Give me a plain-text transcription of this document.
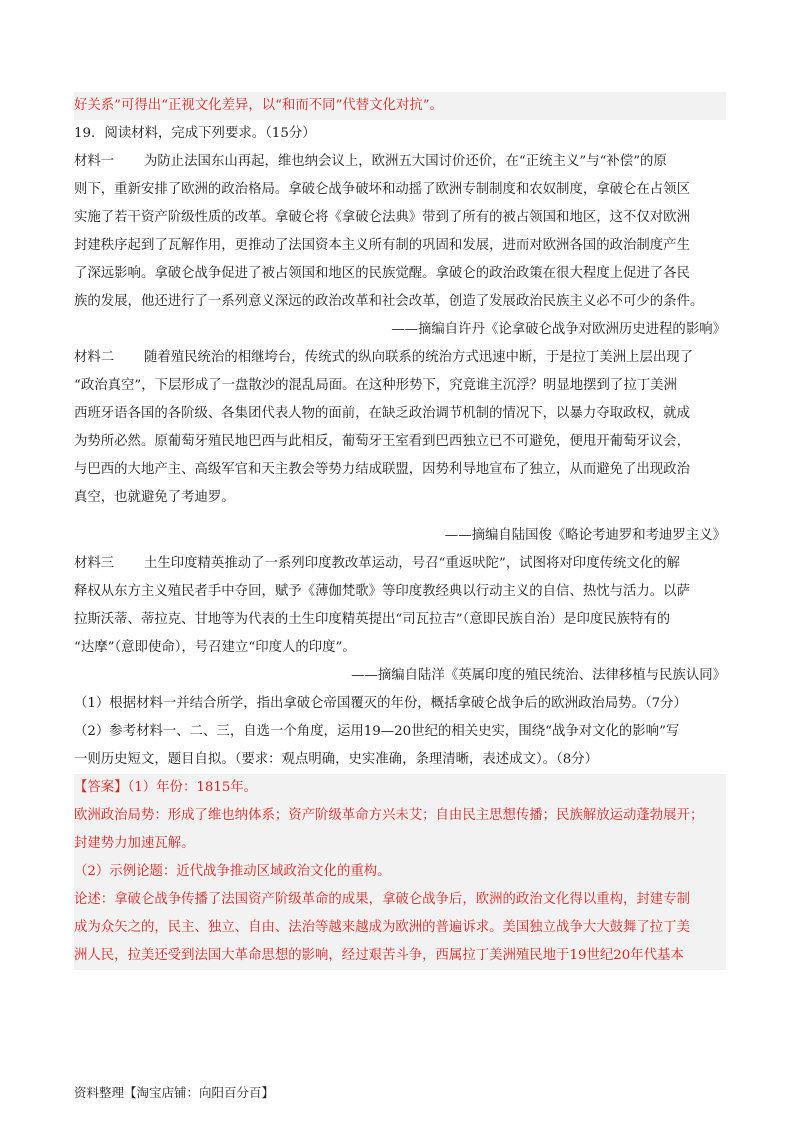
好关系”可得出“正视文化差异，以“和而不同”代替文化对抗”。
19．阅读材料，完成下列要求。（15分）
材料一 为防止法国东山再起，维也纳会议上，欧洲五大国讨价还价，在“正统主义”与“补偿”的原
则下，重新安排了欧洲的政治格局。拿破仑战争破坏和动摇了欧洲专制制度和农奴制度，拿破仑在占领区
实施了若干资产阶级性质的改革。拿破仑将《拿破仑法典》带到了所有的被占领国和地区，这不仅对欧洲
封建秩序起到了瓦解作用，更推动了法国资本主义所有制的巩固和发展，进而对欧洲各国的政治制度产生
了深远影响。拿破仑战争促进了被占领国和地区的民族觉醒。拿破仑的政治政策在很大程度上促进了各民
族的发展，他还进行了一系列意义深远的政治改革和社会改革，创造了发展政治民族主义必不可少的条件。
——摘编自许丹《论拿破仑战争对欧洲历史进程的影响》
材料二 随着殖民统治的相继垮台，传统式的纵向联系的统治方式迅速中断，于是拉丁美洲上层出现了
“政治真空”，下层形成了一盘散沙的混乱局面。在这种形势下，究竟谁主沉浮？明显地摆到了拉丁美洲
西班牙语各国的各阶级、各集团代表人物的面前，在缺乏政治调节机制的情况下，以暴力夺取政权，就成
为势所必然。原葡萄牙殖民地巴西与此相反，葡萄牙王室看到巴西独立已不可避免，便甩开葡萄牙议会，
与巴西的大地产主、高级军官和天主教会等势力结成联盟，因势利导地宣布了独立，从而避免了出现政治
真空，也就避免了考迪罗。
——摘编自陆国俊《略论考迪罗和考迪罗主义》
材料三 土生印度精英推动了一系列印度教改革运动，号召“重返吠陀”，试图将对印度传统文化的解
释权从东方主义殖民者手中夺回，赋予《薄伽梵歌》等印度教经典以行动主义的自信、热忱与活力。以萨
拉斯沃蒂、蒂拉克、甘地等为代表的土生印度精英提出“司瓦拉吉”（意即民族自治）是印度民族特有的
“达摩”（意即使命），号召建立“印度人的印度”。
——摘编自陆洋《英属印度的殖民统治、法律移植与民族认同》
（1）根据材料一并结合所学，指出拿破仑帝国覆灭的年份，概括拿破仑战争后的欧洲政治局势。（7分）
（2）参考材料一、二、三，自选一个角度，运用19—20世纪的相关史实，围绕“战争对文化的影响”写
一则历史短文，题目自拟。（要求：观点明确，史实准确，条理清晰，表述成文）。（8分）
【答案】（1）年份：1815年。
欧洲政治局势：形成了维也纳体系；资产阶级革命方兴未艾；自由民主思想传播；民族解放运动蓬勃展开；
封建势力加速瓦解。
（2）示例论题：近代战争推动区域政治文化的重构。
论述：拿破仑战争传播了法国资产阶级革命的成果，拿破仑战争后，欧洲的政治文化得以重构，封建专制
成为众矢之的，民主、独立、自由、法治等越来越成为欧洲的普遍诉求。美国独立战争大大鼓舞了拉丁美
洲人民，拉美还受到法国大革命思想的影响，经过艰苦斗争，西属拉丁美洲殖民地于19世纪20年代基本
资料整理【淘宝店铺：向阳百分百】
